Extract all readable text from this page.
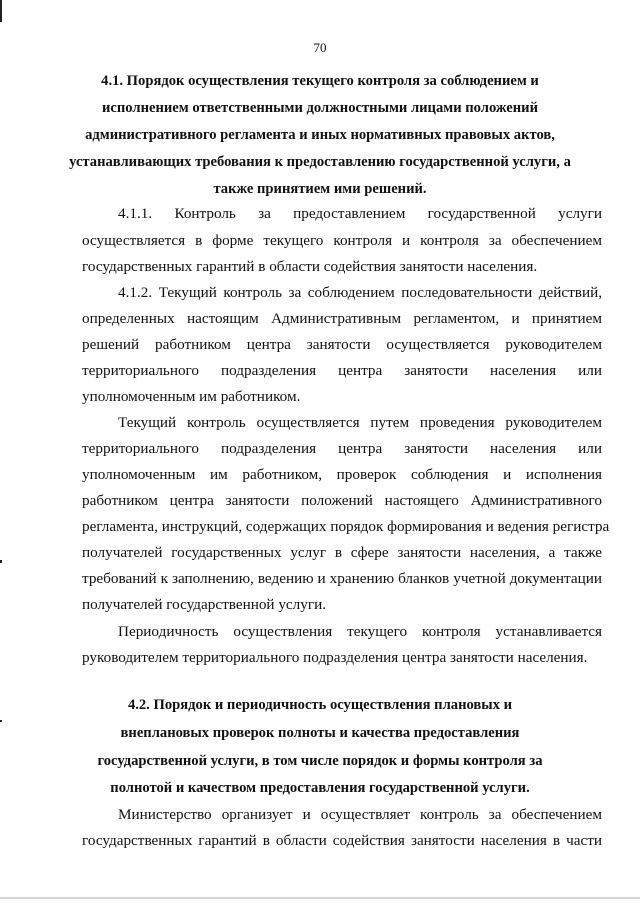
70
4.1. Порядок осуществления текущего контроля за соблюдением и
исполнением ответственными должностными лицами положений
административного регламента и иных нормативных правовых актов,
устанавливающих требования к предоставлению государственной услуги, а
также принятием ими решений.
4.1.1. Контроль за предоставлением государственной услуги
осуществляется в форме текущего контроля и контроля за обеспечением
государственных гарантий в области содействия занятости населения.
4.1.2. Текущий контроль за соблюдением последовательности действий,
определенных настоящим Административным регламентом, и принятием
решений работником центра занятости осуществляется руководителем
территориального подразделения центра занятости населения или
уполномоченным им работником.
Текущий контроль осуществляется путем проведения руководителем
территориального подразделения центра занятости населения или
уполномоченным им работником, проверок соблюдения и исполнения
работником центра занятости положений настоящего Административного
регламента, инструкций, содержащих порядок формирования и ведения регистра
получателей государственных услуг в сфере занятости населения, а также
требований к заполнению, ведению и хранению бланков учетной документации
получателей государственной услуги.
Периодичность осуществления текущего контроля устанавливается
руководителем территориального подразделения центра занятости населения.
4.2. Порядок и периодичность осуществления плановых и
внеплановых проверок полноты и качества предоставления
государственной услуги, в том числе порядок и формы контроля за
полнотой и качеством предоставления государственной услуги.
Министерство организует и осуществляет контроль за обеспечением
государственных гарантий в области содействия занятости населения в части
